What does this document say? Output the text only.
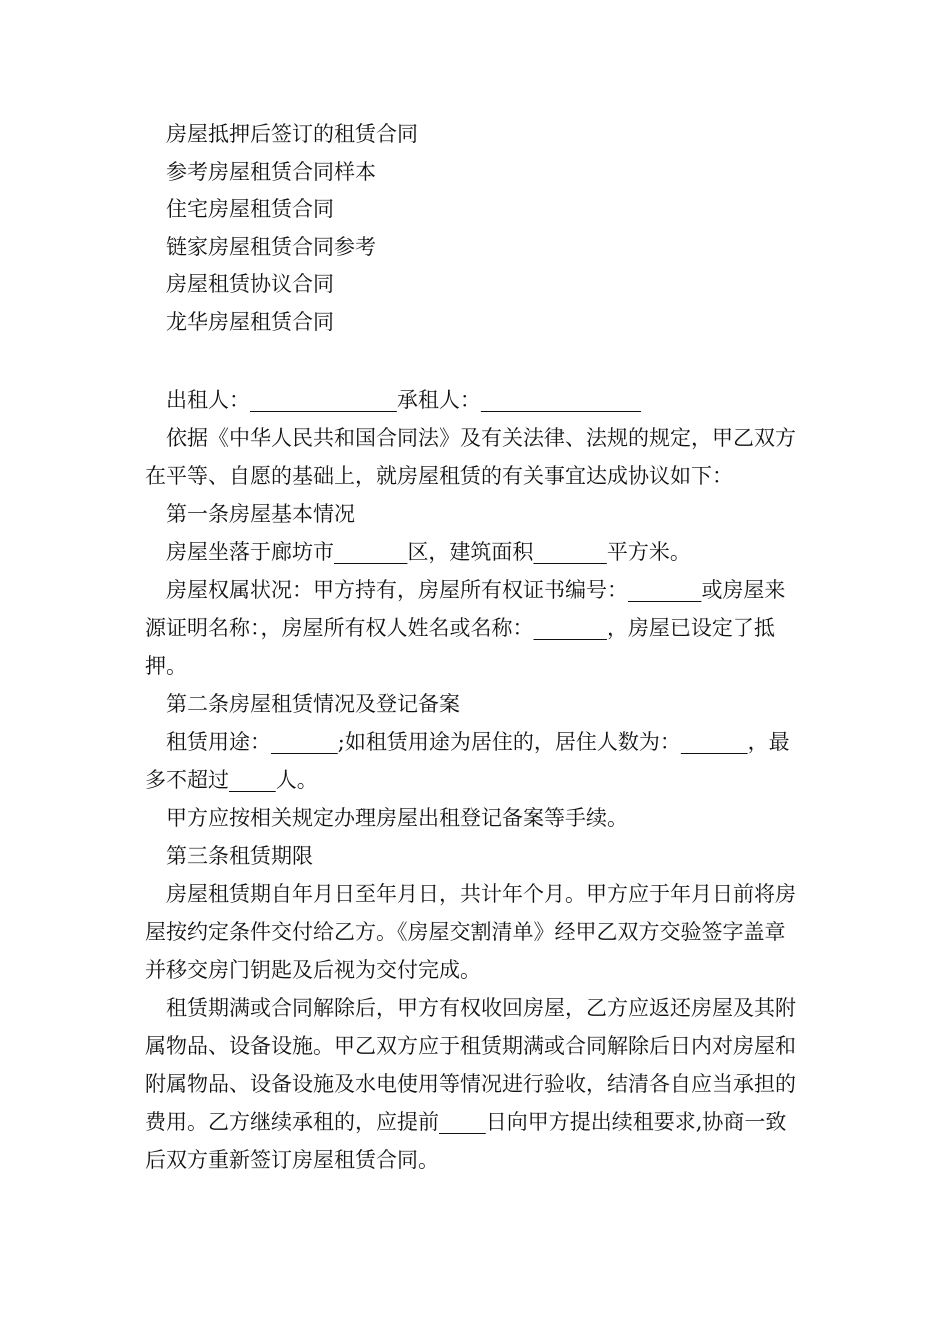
房屋抵押后签订的租赁合同
参考房屋租赁合同样本
住宅房屋租赁合同
链家房屋租赁合同参考
房屋租赁协议合同
龙华房屋租赁合同
出租人：	承租人：

依据《中华人民共和国合同法》及有关法律、法规的规定，甲乙双方在平等、自愿的基础上，就房屋租赁的有关事宜达成协议如下：

第一条房屋基本情况

房屋坐落于廊坊市	区，建筑面积	平方米。

房屋权属状况：甲方持有，房屋所有权证书编号：	或房屋来源证明名称：，房屋所有权人姓名或名称：	，房屋已设定了抵押。

第二条房屋租赁情况及登记备案

租赁用途：	;如租赁用途为居住的，居住人数为：	，最多不超过 人。

甲方应按相关规定办理房屋出租登记备案等手续。

第三条租赁期限

房屋租赁期自年月日至年月日，共计年个月。甲方应于年月日前将房屋按约定条件交付给乙方。《房屋交割清单》经甲乙双方交验签字盖章并移交房门钥匙及后视为交付完成。

租赁期满或合同解除后，甲方有权收回房屋，乙方应返还房屋及其附属物品、设备设施。甲乙双方应于租赁期满或合同解除后日内对房屋和附属物品、设备设施及水电使用等情况进行验收，结清各自应当承担的费用。乙方继续承租的，应提前 日向甲方提出续租要求,协商一致后双方重新签订房屋租赁合同。
